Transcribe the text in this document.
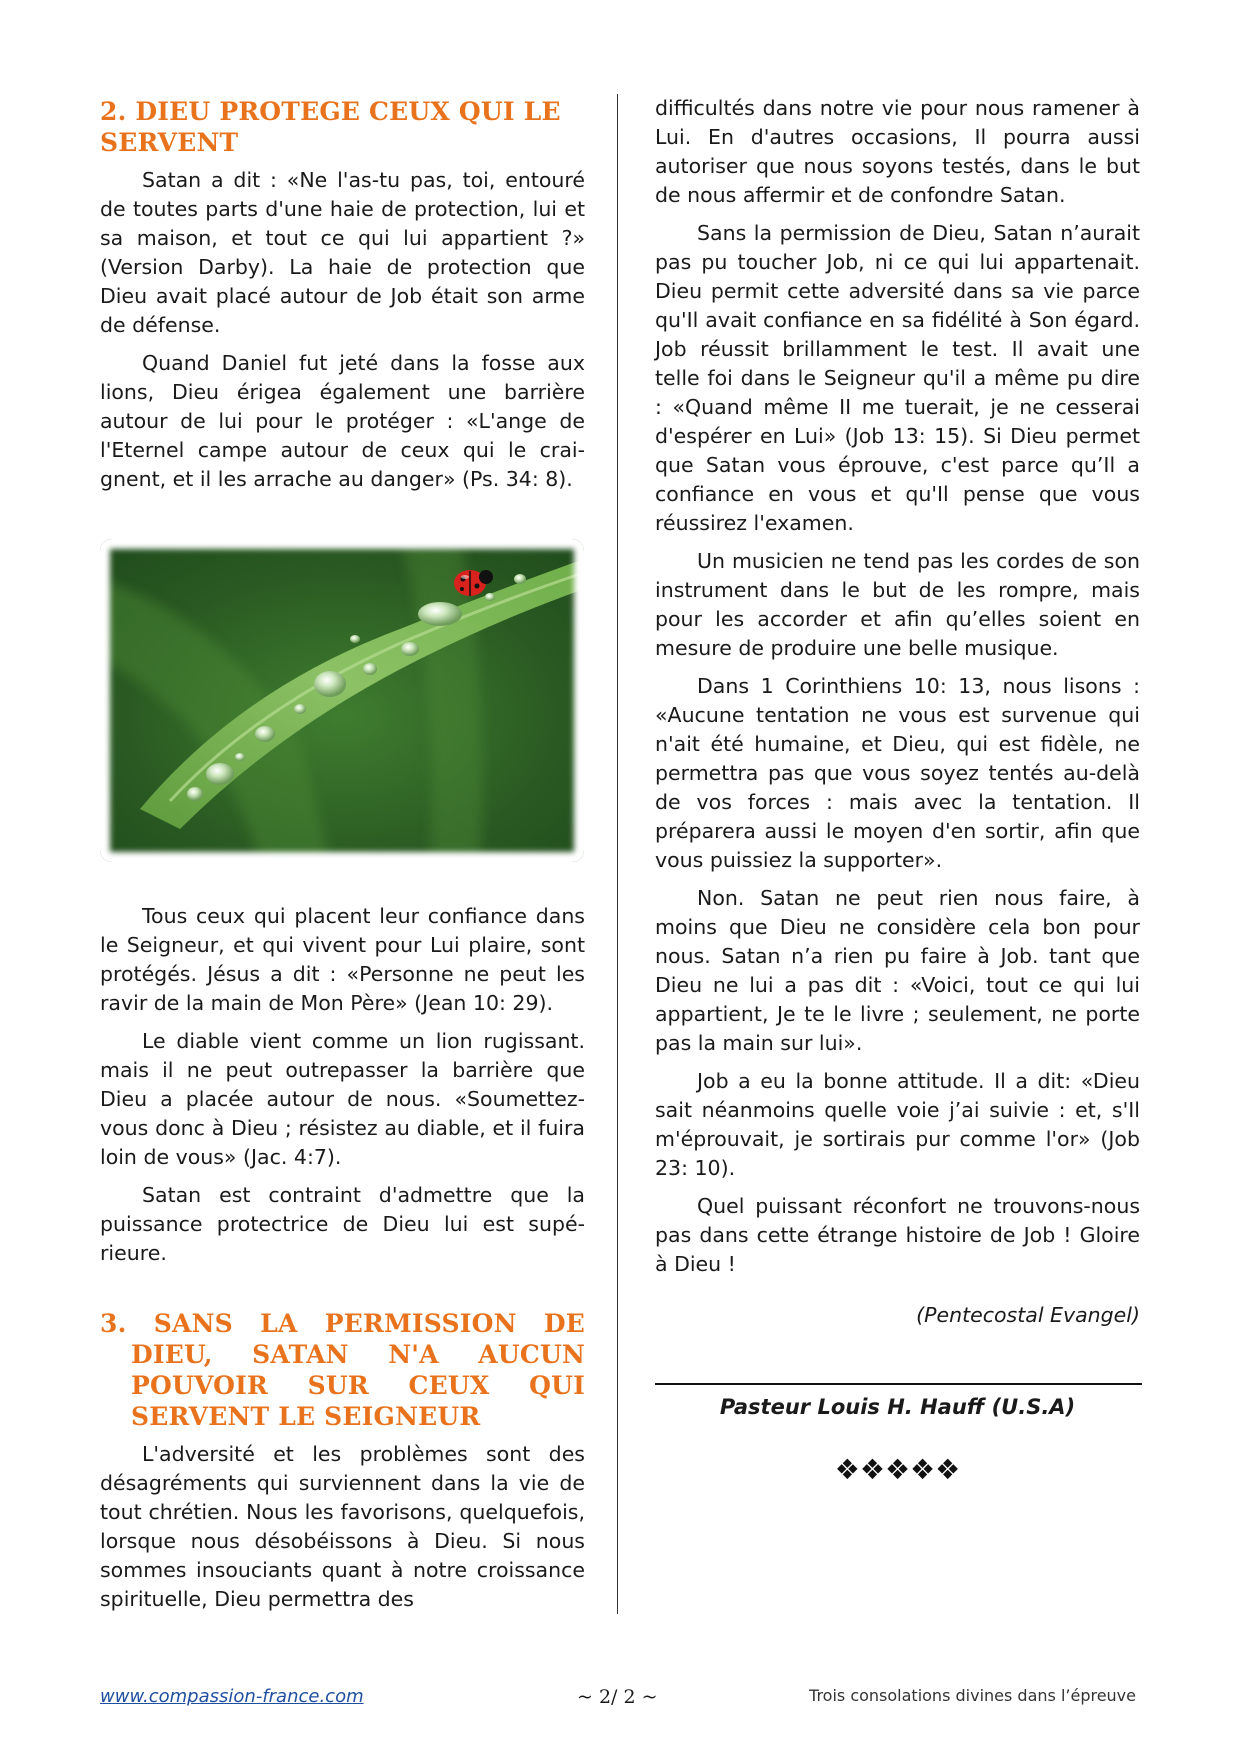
2. DIEU PROTEGE CEUX QUI LE SERVENT

Satan a dit : «Ne l'as-tu pas, toi, entouré de toutes parts d'une haie de protection, lui et sa maison, et tout ce qui lui appartient ?» (Version Darby). La haie de protection que Dieu avait placé autour de Job était son arme de défense.

Quand Daniel fut jeté dans la fosse aux lions, Dieu érigea également une barrière autour de lui pour le protéger : «L'ange de l'Eternel campe autour de ceux qui le craignent, et il les arrache au danger» (Ps. 34: 8).

Tous ceux qui placent leur confiance dans le Seigneur, et qui vivent pour Lui plaire, sont protégés. Jésus a dit : «Personne ne peut les ravir de la main de Mon Père» (Jean 10: 29).

Le diable vient comme un lion rugissant. mais il ne peut outrepasser la barrière que Dieu a placée autour de nous. «Soumettez-vous donc à Dieu ; résistez au diable, et il fuira loin de vous» (Jac. 4:7).

Satan est contraint d'admettre que la puissance protectrice de Dieu lui est supérieure.

3. SANS LA PERMISSION DE DIEU, SATAN N'A AUCUN POUVOIR SUR CEUX QUI SERVENT LE SEIGNEUR

L'adversité et les problèmes sont des désagréments qui surviennent dans la vie de tout chrétien. Nous les favorisons, quelquefois, lorsque nous désobéissons à Dieu. Si nous sommes insouciants quant à notre croissance spirituelle, Dieu permettra des

difficultés dans notre vie pour nous ramener à Lui. En d'autres occasions, Il pourra aussi autoriser que nous soyons testés, dans le but de nous affermir et de confondre Satan.

Sans la permission de Dieu, Satan n’aurait pas pu toucher Job, ni ce qui lui appartenait. Dieu permit cette adversité dans sa vie parce qu'Il avait confiance en sa fidélité à Son égard. Job réussit brillamment le test. Il avait une telle foi dans le Seigneur qu'il a même pu dire : «Quand même II me tuerait, je ne cesserai d'espérer en Lui» (Job 13: 15). Si Dieu permet que Satan vous éprouve, c'est parce qu’Il a confiance en vous et qu'Il pense que vous réussirez l'examen.

Un musicien ne tend pas les cordes de son instrument dans le but de les rompre, mais pour les accorder et afin qu’elles soient en mesure de produire une belle musique.

Dans 1 Corinthiens 10: 13, nous lisons : «Aucune tentation ne vous est survenue qui n'ait été humaine, et Dieu, qui est fidèle, ne permettra pas que vous soyez tentés au-delà de vos forces : mais avec la tentation. Il préparera aussi le moyen d'en sortir, afin que vous puissiez la supporter».

Non. Satan ne peut rien nous faire, à moins que Dieu ne considère cela bon pour nous. Satan n’a rien pu faire à Job. tant que Dieu ne lui a pas dit : «Voici, tout ce qui lui appartient, Je te le livre ; seulement, ne porte pas la main sur lui».

Job a eu la bonne attitude. Il a dit: «Dieu sait néanmoins quelle voie j’ai suivie : et, s'Il m'éprouvait, je sortirais pur comme l'or» (Job 23: 10).

Quel puissant réconfort ne trouvons-nous pas dans cette étrange histoire de Job ! Gloire à Dieu !

(Pentecostal Evangel)

Pasteur Louis H. Hauff (U.S.A)

❖❖❖❖❖
www.compassion-france.com	~ 2/ 2 ~	Trois consolations divines dans l’épreuve
